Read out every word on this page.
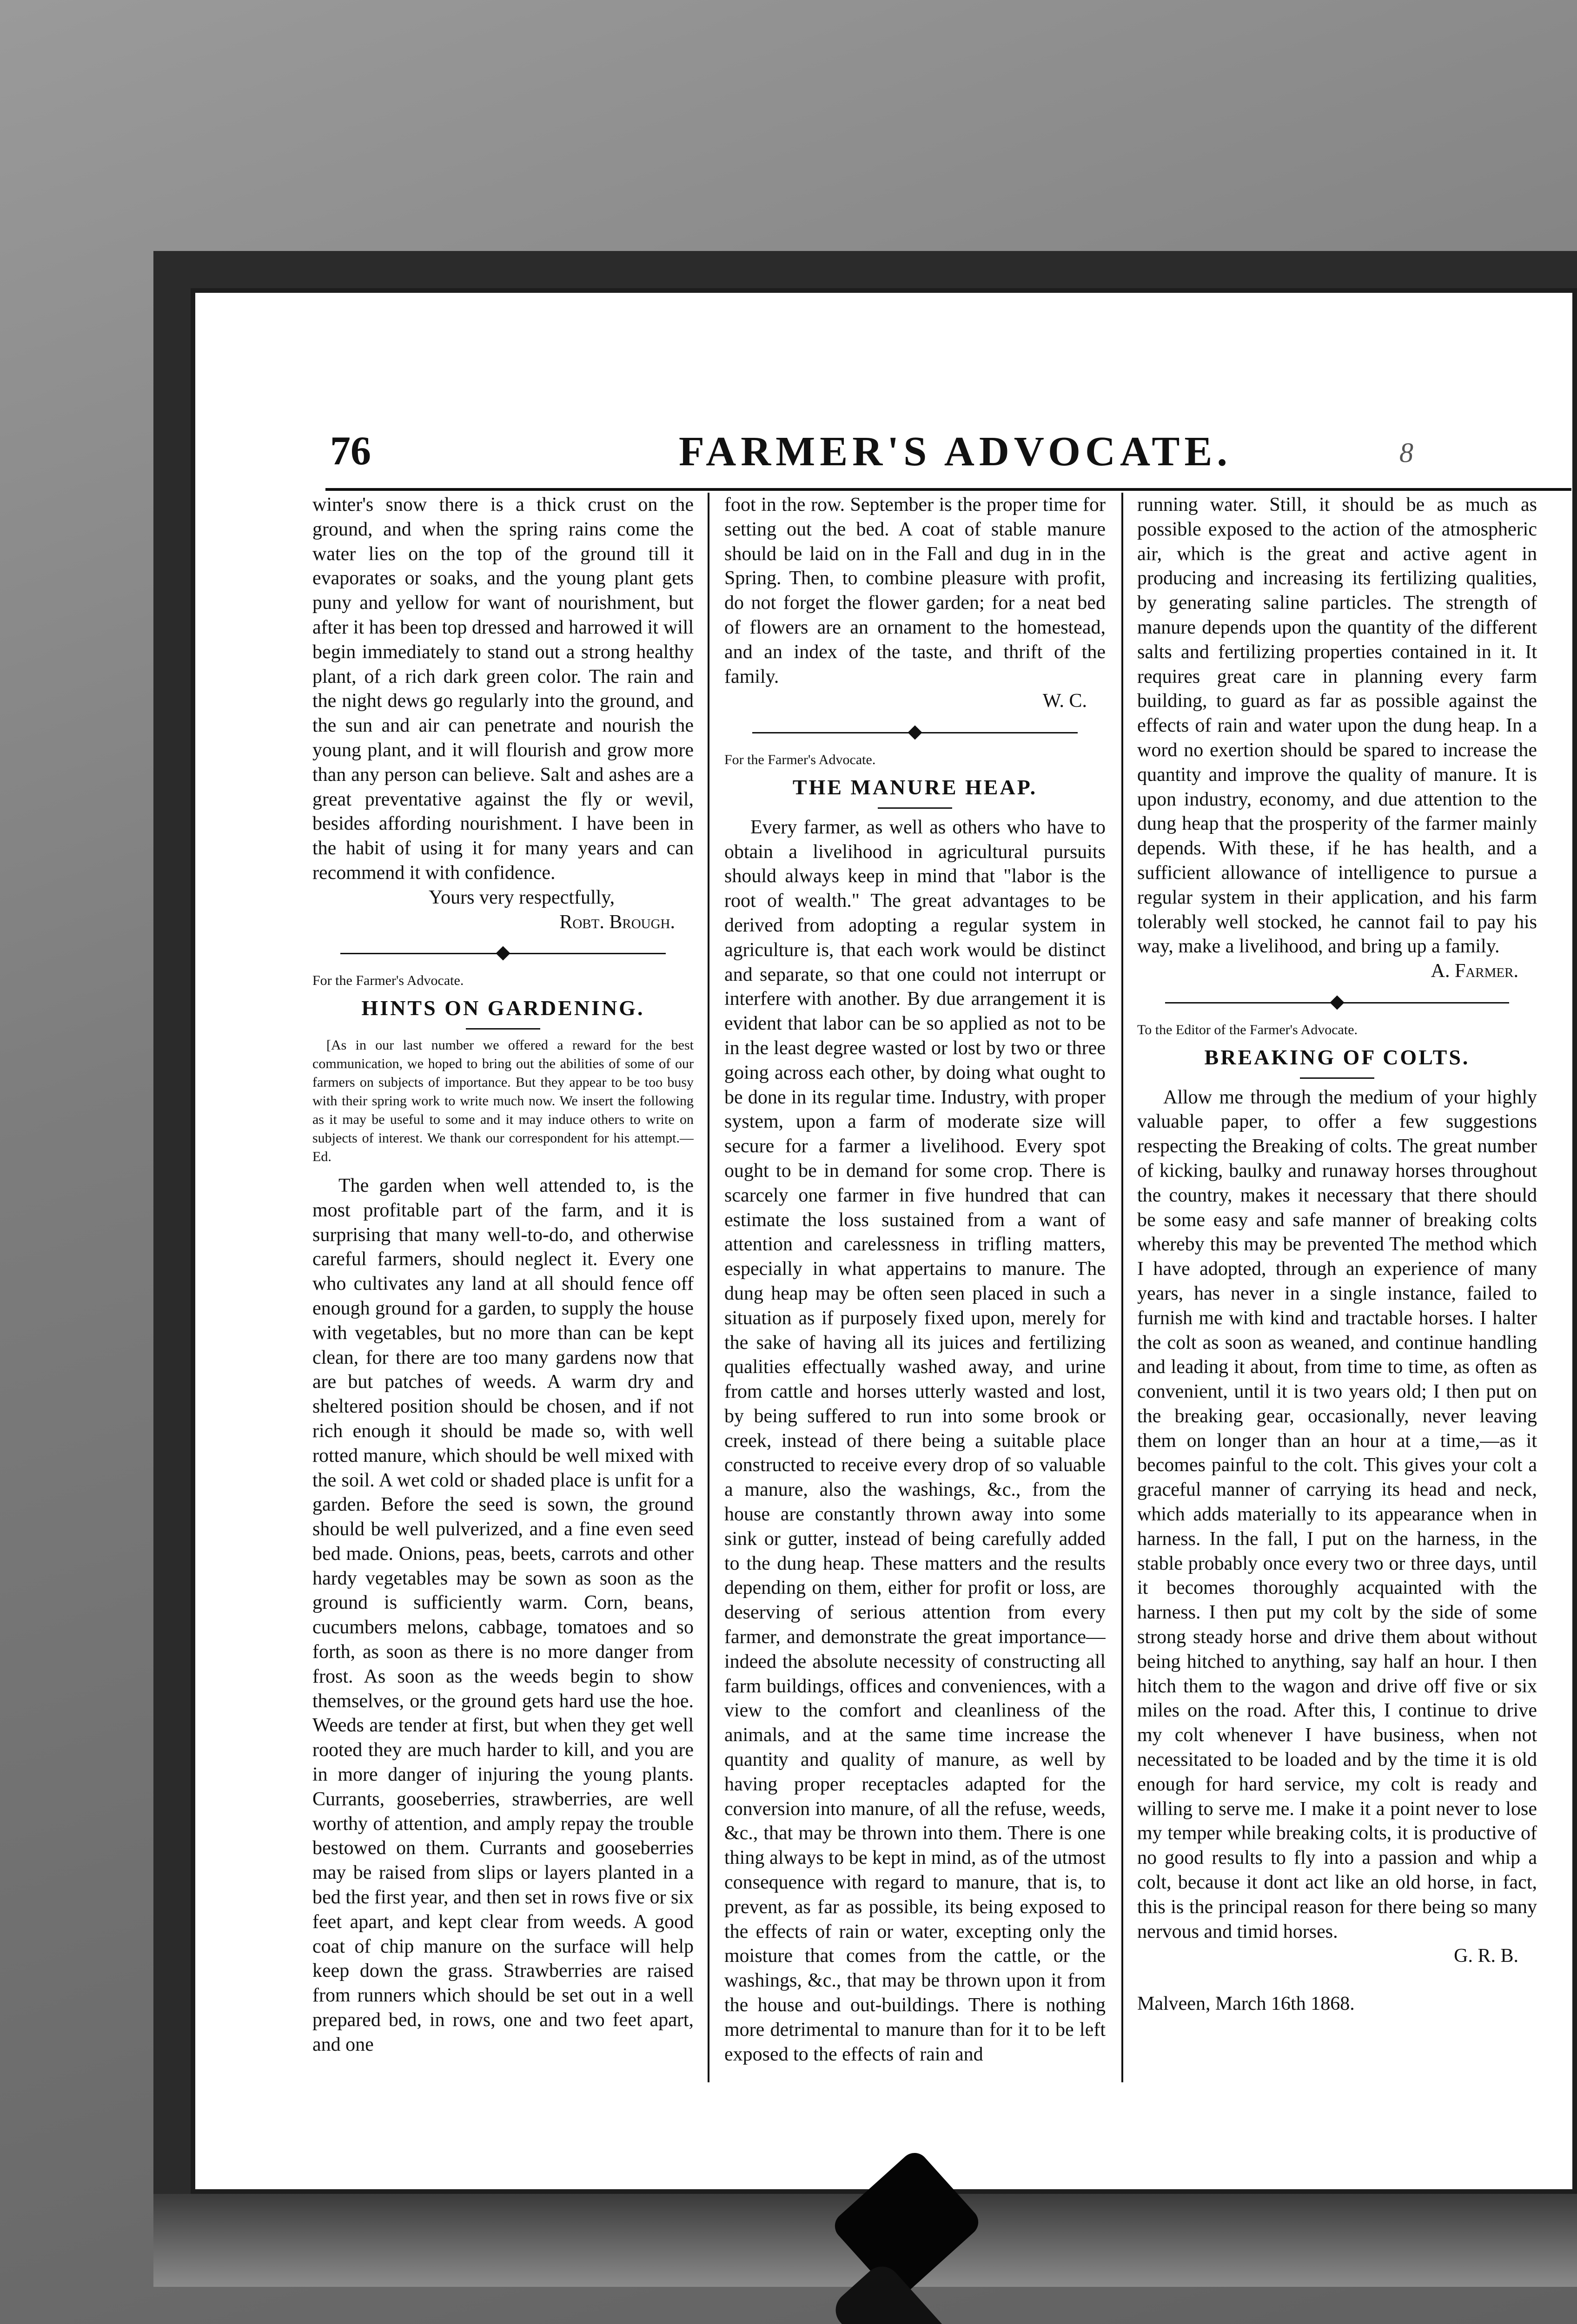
76	FARMER'S ADVOCATE.	8

winter's snow there is a thick crust on the ground, and when the spring rains come the water lies on the top of the ground till it evaporates or soaks, and the young plant gets puny and yellow for want of nourishment, but after it has been top dressed and harrowed it will begin immediately to stand out a strong healthy plant, of a rich dark green color. The rain and the night dews go regularly into the ground, and the sun and air can penetrate and nourish the young plant, and it will flourish and grow more than any person can believe. Salt and ashes are a great preventative against the fly or wevil, besides affording nourishment. I have been in the habit of using it for many years and can recommend it with confidence.

Yours very respectfully,

Robt. Brough.

For the Farmer's Advocate.

HINTS ON GARDENING.

[As in our last number we offered a reward for the best communication, we hoped to bring out the abilities of some of our farmers on subjects of importance. But they appear to be too busy with their spring work to write much now. We insert the following as it may be useful to some and it may induce others to write on subjects of interest. We thank our correspondent for his attempt.—Ed.

The garden when well attended to, is the most profitable part of the farm, and it is surprising that many well-to-do, and otherwise careful farmers, should neglect it. Every one who cultivates any land at all should fence off enough ground for a garden, to supply the house with vegetables, but no more than can be kept clean, for there are too many gardens now that are but patches of weeds. A warm dry and sheltered position should be chosen, and if not rich enough it should be made so, with well rotted manure, which should be well mixed with the soil. A wet cold or shaded place is unfit for a garden. Before the seed is sown, the ground should be well pulverized, and a fine even seed bed made. Onions, peas, beets, carrots and other hardy vegetables may be sown as soon as the ground is sufficiently warm. Corn, beans, cucumbers melons, cabbage, tomatoes and so forth, as soon as there is no more danger from frost. As soon as the weeds begin to show themselves, or the ground gets hard use the hoe. Weeds are tender at first, but when they get well rooted they are much harder to kill, and you are in more danger of injuring the young plants. Currants, gooseberries, strawberries, are well worthy of attention, and amply repay the trouble bestowed on them. Currants and gooseberries may be raised from slips or layers planted in a bed the first year, and then set in rows five or six feet apart, and kept clear from weeds. A good coat of chip manure on the surface will help keep down the grass. Strawberries are raised from runners which should be set out in a well prepared bed, in rows, one and two feet apart, and one

foot in the row. September is the proper time for setting out the bed. A coat of stable manure should be laid on in the Fall and dug in in the Spring. Then, to combine pleasure with profit, do not forget the flower garden; for a neat bed of flowers are an ornament to the homestead, and an index of the taste, and thrift of the family.

W. C.

For the Farmer's Advocate.

THE MANURE HEAP.

Every farmer, as well as others who have to obtain a livelihood in agricultural pursuits should always keep in mind that "labor is the root of wealth." The great advantages to be derived from adopting a regular system in agriculture is, that each work would be distinct and separate, so that one could not interrupt or interfere with another. By due arrangement it is evident that labor can be so applied as not to be in the least degree wasted or lost by two or three going across each other, by doing what ought to be done in its regular time. Industry, with proper system, upon a farm of moderate size will secure for a farmer a livelihood. Every spot ought to be in demand for some crop. There is scarcely one farmer in five hundred that can estimate the loss sustained from a want of attention and carelessness in trifling matters, especially in what appertains to manure. The dung heap may be often seen placed in such a situation as if purposely fixed upon, merely for the sake of having all its juices and fertilizing qualities effectually washed away, and urine from cattle and horses utterly wasted and lost, by being suffered to run into some brook or creek, instead of there being a suitable place constructed to receive every drop of so valuable a manure, also the washings, &c., from the house are constantly thrown away into some sink or gutter, instead of being carefully added to the dung heap. These matters and the results depending on them, either for profit or loss, are deserving of serious attention from every farmer, and demonstrate the great importance—indeed the absolute necessity of constructing all farm buildings, offices and conveniences, with a view to the comfort and cleanliness of the animals, and at the same time increase the quantity and quality of manure, as well by having proper receptacles adapted for the conversion into manure, of all the refuse, weeds, &c., that may be thrown into them. There is one thing always to be kept in mind, as of the utmost consequence with regard to manure, that is, to prevent, as far as possible, its being exposed to the effects of rain or water, excepting only the moisture that comes from the cattle, or the washings, &c., that may be thrown upon it from the house and out-buildings. There is nothing more detrimental to manure than for it to be left exposed to the effects of rain and

running water. Still, it should be as much as possible exposed to the action of the atmospheric air, which is the great and active agent in producing and increasing its fertilizing qualities, by generating saline particles. The strength of manure depends upon the quantity of the different salts and fertilizing properties contained in it. It requires great care in planning every farm building, to guard as far as possible against the effects of rain and water upon the dung heap. In a word no exertion should be spared to increase the quantity and improve the quality of manure. It is upon industry, economy, and due attention to the dung heap that the prosperity of the farmer mainly depends. With these, if he has health, and a sufficient allowance of intelligence to pursue a regular system in their application, and his farm tolerably well stocked, he cannot fail to pay his way, make a livelihood, and bring up a family.

A. Farmer.

To the Editor of the Farmer's Advocate.

BREAKING OF COLTS.

Allow me through the medium of your highly valuable paper, to offer a few suggestions respecting the Breaking of colts. The great number of kicking, baulky and runaway horses throughout the country, makes it necessary that there should be some easy and safe manner of breaking colts whereby this may be prevented The method which I have adopted, through an experience of many years, has never in a single instance, failed to furnish me with kind and tractable horses. I halter the colt as soon as weaned, and continue handling and leading it about, from time to time, as often as convenient, until it is two years old; I then put on the breaking gear, occasionally, never leaving them on longer than an hour at a time,—as it becomes painful to the colt. This gives your colt a graceful manner of carrying its head and neck, which adds materially to its appearance when in harness. In the fall, I put on the harness, in the stable probably once every two or three days, until it becomes thoroughly acquainted with the harness. I then put my colt by the side of some strong steady horse and drive them about without being hitched to anything, say half an hour. I then hitch them to the wagon and drive off five or six miles on the road. After this, I continue to drive my colt whenever I have business, when not necessitated to be loaded and by the time it is old enough for hard service, my colt is ready and willing to serve me. I make it a point never to lose my temper while breaking colts, it is productive of no good results to fly into a passion and whip a colt, because it dont act like an old horse, in fact, this is the principal reason for there being so many nervous and timid horses.

G. R. B.

Malveen, March 16th 1868.
